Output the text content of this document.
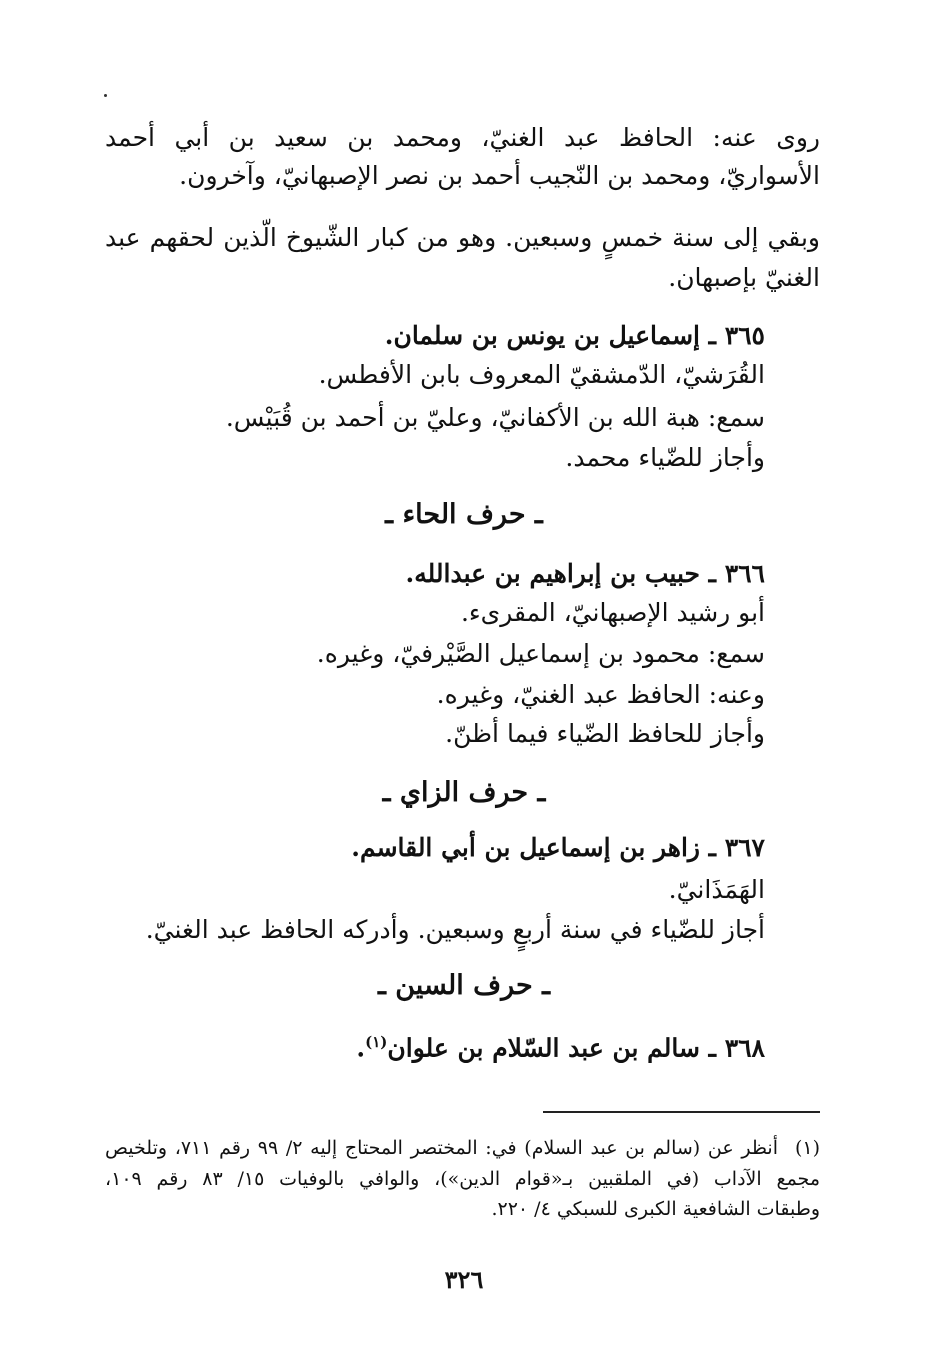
روى عنه: الحافظ عبد الغنيّ، ومحمد بن سعيد بن أبي أحمد
الأسواريّ، ومحمد بن النّجيب أحمد بن نصر الإصبهانيّ، وآخرون.
وبقي إلى سنة خمسٍ وسبعين. وهو من كبار الشّيوخ الّذين لحقهم عبد
الغنيّ بإصبهان.
٣٦٥ ـ إسماعيل بن يونس بن سلمان.
القُرَشيّ، الدّمشقيّ المعروف بابن الأفطس.
سمع: هبة الله بن الأكفانيّ، وعليّ بن أحمد بن قُبَيْس.
وأجاز للضّياء محمد.
ـ حرف الحاء ـ
٣٦٦ ـ حبيب بن إبراهيم بن عبدالله.
أبو رشيد الإصبهانيّ، المقرىء.
سمع: محمود بن إسماعيل الصَّيْرفيّ، وغيره.
وعنه: الحافظ عبد الغنيّ، وغيره.
وأجاز للحافظ الضّياء فيما أظنّ.
ـ حرف الزاي ـ
٣٦٧ ـ زاهر بن إسماعيل بن أبي القاسم.
الهَمَذَانيّ.
أجاز للضّياء في سنة أربعٍ وسبعين. وأدركه الحافظ عبد الغنيّ.
ـ حرف السين ـ
٣٦٨ ـ سالم بن عبد السّلام بن علوان$^{(١)}$.
(١)
أنظر عن (سالم بن عبد السلام) في: المختصر المحتاج إليه ٢/ ٩٩ رقم ٧١١، وتلخيص
مجمع الآداب (في الملقبين بـ«قوام الدين»)، والوافي بالوفيات ١٥/ ٨٣ رقم ١٠٩،
وطبقات الشافعية الكبرى للسبكي ٤/ ٢٢٠.
٣٢٦
